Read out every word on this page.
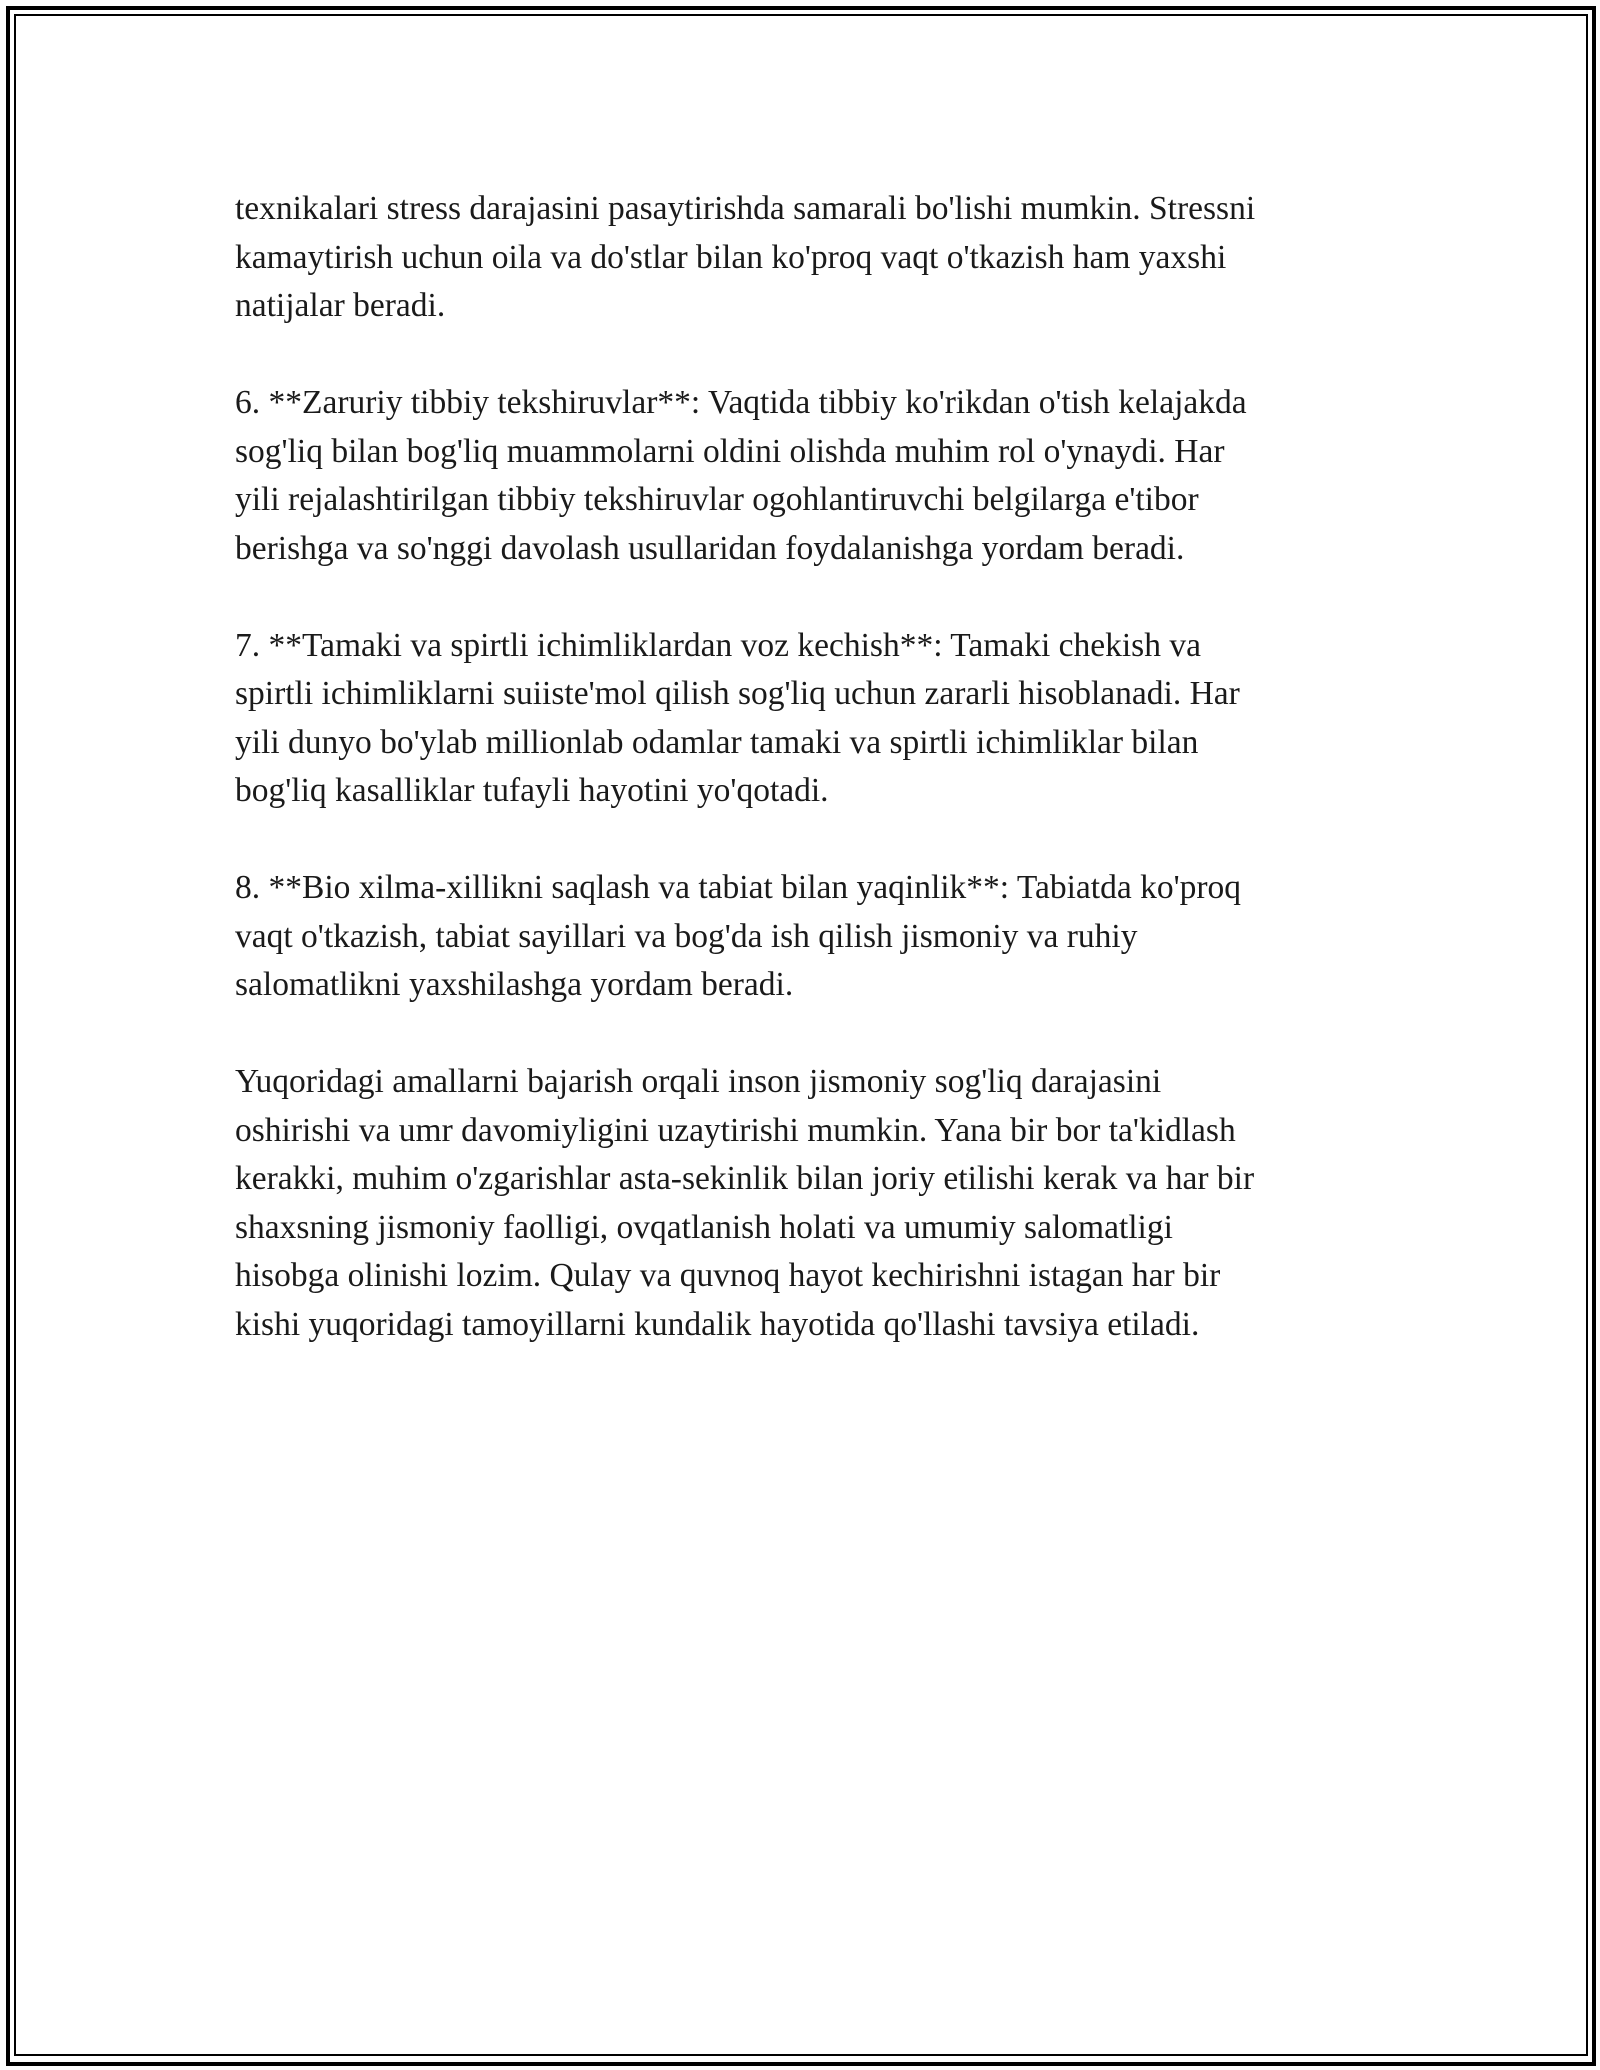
texnikalari stress darajasini pasaytirishda samarali bo'lishi mumkin. Stressni
kamaytirish uchun oila va do'stlar bilan ko'proq vaqt o'tkazish ham yaxshi
natijalar beradi.

6. **Zaruriy tibbiy tekshiruvlar**: Vaqtida tibbiy ko'rikdan o'tish kelajakda
sog'liq bilan bog'liq muammolarni oldini olishda muhim rol o'ynaydi. Har
yili rejalashtirilgan tibbiy tekshiruvlar ogohlantiruvchi belgilarga e'tibor
berishga va so'nggi davolash usullaridan foydalanishga yordam beradi.

7. **Tamaki va spirtli ichimliklardan voz kechish**: Tamaki chekish va
spirtli ichimliklarni suiiste'mol qilish sog'liq uchun zararli hisoblanadi. Har
yili dunyo bo'ylab millionlab odamlar tamaki va spirtli ichimliklar bilan
bog'liq kasalliklar tufayli hayotini yo'qotadi.

8. **Bio xilma-xillikni saqlash va tabiat bilan yaqinlik**: Tabiatda ko'proq
vaqt o'tkazish, tabiat sayillari va bog'da ish qilish jismoniy va ruhiy
salomatlikni yaxshilashga yordam beradi.

Yuqoridagi amallarni bajarish orqali inson jismoniy sog'liq darajasini
oshirishi va umr davomiyligini uzaytirishi mumkin. Yana bir bor ta'kidlash
kerakki, muhim o'zgarishlar asta-sekinlik bilan joriy etilishi kerak va har bir
shaxsning jismoniy faolligi, ovqatlanish holati va umumiy salomatligi
hisobga olinishi lozim. Qulay va quvnoq hayot kechirishni istagan har bir
kishi yuqoridagi tamoyillarni kundalik hayotida qo'llashi tavsiya etiladi.
